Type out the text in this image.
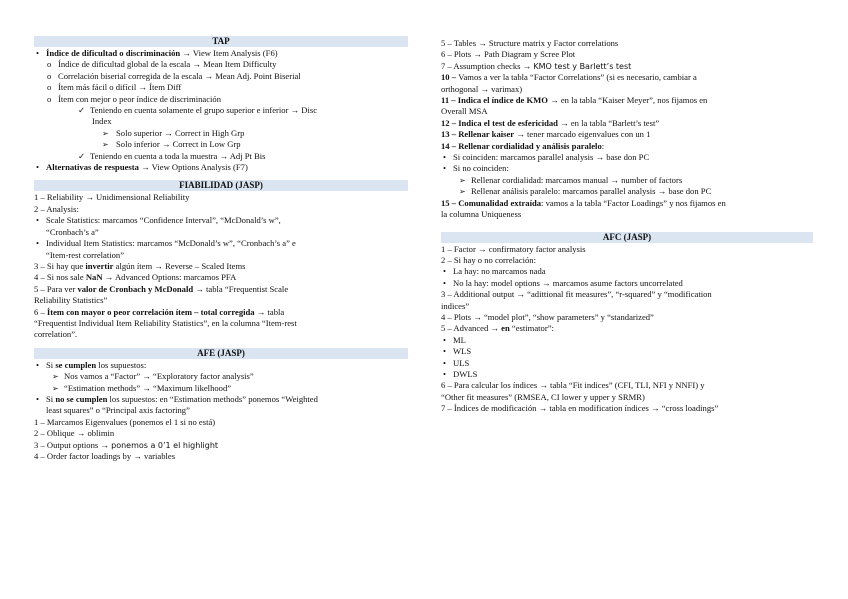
TAP
• Índice de dificultad o discriminación → View Item Analysis (F6)
o Índice de dificultad global de la escala → Mean Item Difficulty
o Correlación biserial corregida de la escala → Mean Adj. Point Biserial
o Ítem más fácil o difícil → Ítem Diff
o Ítem con mejor o peor índice de discriminación
✓ Teniendo en cuenta solamente el grupo superior e inferior → Disc
Index
➢ Solo superior → Correct in High Grp
➢ Solo inferior → Correct in Low Grp
✓ Teniendo en cuenta a toda la muestra → Adj Pt Bis
• Alternativas de respuesta → View Options Analysis (F7)
FIABILIDAD (JASP)
1 – Reliability → Unidimensional Reliability
2 – Analysis:
• Scale Statistics: marcamos “Confidence Interval”, “McDonald’s w”,
“Cronbach’s a”
• Individual Item Statistics: marcamos “McDonald’s w”, “Cronbach’s a” e
“Item-rest correlation”
3 – Si hay que invertir algún ítem → Reverse – Scaled Items
4 – Si nos sale NaN → Advanced Options: marcamos PFA
5 – Para ver valor de Cronbach y McDonald → tabla “Frequentist Scale
Reliability Statistics”
6 – Ítem con mayor o peor correlación ítem – total corregida → tabla
“Frequentist Individual Item Reliability Statistics”, en la columna “Item-rest
correlation”.
AFE (JASP)
• Si se cumplen los supuestos:
➢ Nos vamos a “Factor” → “Exploratory factor analysis”
➢ “Estimation methods” → “Maximum likelhood”
• Si no se cumplen los supuestos: en “Estimation methods” ponemos “Weighted
least squares” o “Principal axis factoring”
1 – Marcamos Eigenvalues (ponemos el 1 si no está)
2 – Oblique → oblimin
3 – Output options → ponemos a 0’1 el highlight
4 – Order factor loadings by → variables
5 – Tables → Structure matrix y Factor correlations
6 – Plots → Path Diagram y Scree Plot
7 – Assumption checks → KMO test y Barlett’s test
10 – Vamos a ver la tabla “Factor Correlations” (si es necesario, cambiar a
orthogonal → varimax)
11 – Indica el índice de KMO → en la tabla “Kaiser Meyer”, nos fijamos en
Overall MSA
12 – Indica el test de esfericidad → en la tabla “Barlett’s test”
13 – Rellenar kaiser → tener marcado eigenvalues con un 1
14 – Rellenar cordialidad y análisis paralelo:
• Si coinciden: marcamos parallel analysis → base don PC
• Si no coinciden:
➢ Rellenar cordialidad: marcamos manual → number of factors
➢ Rellenar análisis paralelo: marcamos parallel analysis → base don PC
15 – Comunalidad extraída: vamos a la tabla “Factor Loadings” y nos fijamos en
la columna Uniqueness
AFC (JASP)
1 – Factor → confirmatory factor analysis
2 – Si hay o no correlación:
• La hay: no marcamos nada
• No la hay: model options → marcamos asume factors uncorrelated
3 – Additional output → “adittional fit measures”, “r-squared” y “modification
indices”
4 – Plots → “model plot”, “show parameters” y “standarized”
5 – Advanced → en “estimator”:
• ML
• WLS
• ULS
• DWLS
6 – Para calcular los índices → tabla “Fit indices” (CFI, TLI, NFI y NNFI) y
“Other fit measures” (RMSEA, CI lower y upper y SRMR)
7 – Índices de modificación → tabla en modification índices → “cross loadings”
